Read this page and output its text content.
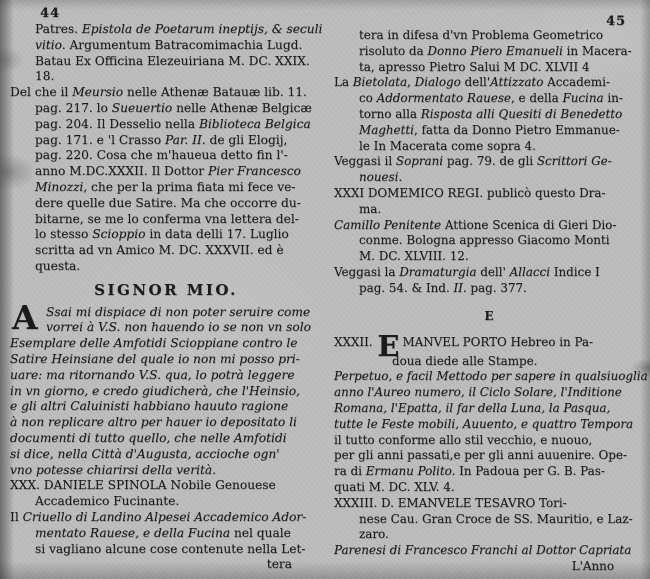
44
45
Patres. Epistola de Poetarum ineptijs, & seculi
vitio. Argumentum Batracomimachia Lugd.
Batau Ex Officina Elezeuiriana M. DC. XXIX.
18.
Del che il Meursio nelle Athenæ Batauæ lib. 11.
pag. 217. lo Sueuertio nelle Athenæ Belgicæ
pag. 204. Il Desselio nella Biblioteca Belgica
pag. 171. e 'l Crasso Par. II. de gli Elogij,
pag. 220. Cosa che m'haueua detto fin l'-
anno M.DC.XXXII. Il Dottor Pier Francesco
Minozzi, che per la prima fiata mi fece ve-
dere quelle due Satire. Ma che occorre du-
bitarne, se me lo conferma vna lettera del-
lo stesso Scioppio in data delli 17. Luglio
scritta ad vn Amico M. DC. XXXVII. ed è
questa.
SIGNOR MIO.
A Ssai mi dispiace di non poter seruire come
vorrei à V.S. non hauendo io se non vn solo
Esemplare delle Amfotidi Scioppiane contro le
Satire Heinsiane del quale io non mi posso pri-
uare: ma ritornando V.S. qua, lo potrà leggere
in vn giorno, e credo giudicherà, che l'Heinsio,
e gli altri Caluinisti habbiano hauuto ragione
à non replicare altro per hauer io depositato li
documenti di tutto quello, che nelle Amfotidi
si dice, nella Città d'Augusta, accioche ogn'
vno potesse chiarirsi della verità.
XXX. DANIELE SPINOLA Nobile Genouese
Accademico Fucinante.
Il Criuello di Landino Alpesei Accademico Ador-
mentato Rauese, e della Fucina nel quale
si vagliano alcune cose contenute nella Let-
tera
tera in difesa d'vn Problema Geometrico
risoluto da Donno Piero Emanueli in Macera-
ta, apresso Pietro Salui M DC. XLVII 4
La Bietolata, Dialogo dell'Attizzato Accademi-
co Addormentato Rauese, e della Fucina in-
torno alla Risposta alli Quesiti di Benedetto
Maghetti, fatta da Donno Pietro Emmanue-
le In Macerata come sopra 4.
Veggasi il Soprani pag. 79. de gli Scrittori Ge-
nouesi.
XXXI DOMEMICO REGI. publicò questo Dra-
ma.
Camillo Penitente Attione Scenica di Gieri Dio-
conme. Bologna appresso Giacomo Monti
M. DC. XLVIII. 12.
Veggasi la Dramaturgia dell' Allacci Indice I
pag. 54. & Ind. II. pag. 377.
E
XXXII. E MANVEL PORTO Hebreo in Pa-
doua diede alle Stampe.
Perpetuo, e facil Mettodo per sapere in qualsiuoglia
anno l'Aureo numero, il Ciclo Solare, l'Inditione
Romana, l'Epatta, il far della Luna, la Pasqua,
tutte le Feste mobili, Auuento, e quattro Tempora
il tutto conforme allo stil vecchio, e nuouo,
per gli anni passati,e per gli anni auuenire. Ope-
ra di Ermanu Polito. In Padoua per G. B. Pas-
quati M. DC. XLV. 4.
XXXIII. D. EMANVELE TESAVRO Tori-
nese Cau. Gran Croce de SS. Mauritio, e Laz-
zaro.
Parenesi di Francesco Franchi al Dottor Capriata
L'Anno
